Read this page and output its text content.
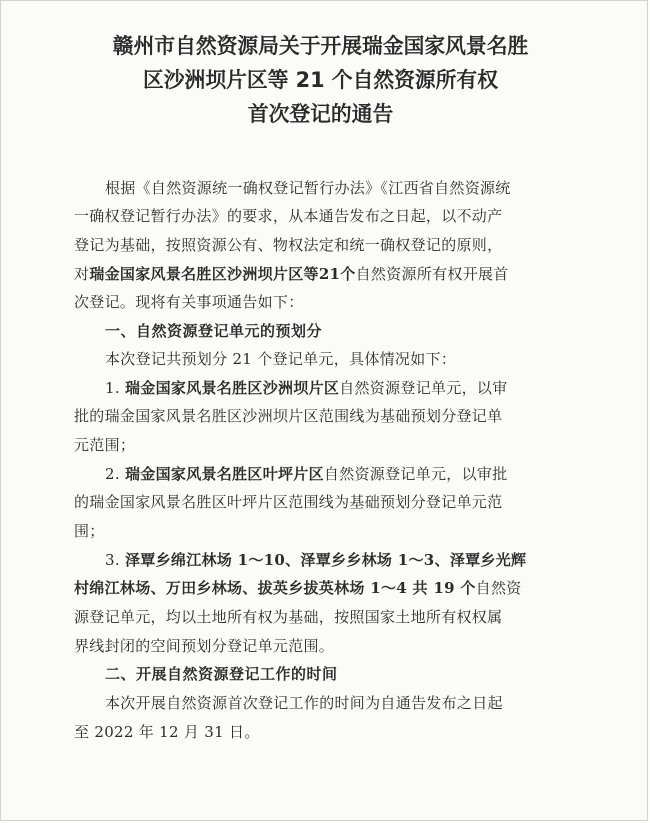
赣州市自然资源局关于开展瑞金国家风景名胜
区沙洲坝片区等 21 个自然资源所有权
首次登记的通告
根据《自然资源统一确权登记暂行办法》《江西省自然资源统
一确权登记暂行办法》的要求，从本通告发布之日起，以不动产
登记为基础，按照资源公有、物权法定和统一确权登记的原则，
对瑞金国家风景名胜区沙洲坝片区等21个自然资源所有权开展首
次登记。现将有关事项通告如下：
一、自然资源登记单元的预划分
本次登记共预划分 21 个登记单元，具体情况如下：
1. 瑞金国家风景名胜区沙洲坝片区自然资源登记单元，以审
批的瑞金国家风景名胜区沙洲坝片区范围线为基础预划分登记单
元范围；
2. 瑞金国家风景名胜区叶坪片区自然资源登记单元，以审批
的瑞金国家风景名胜区叶坪片区范围线为基础预划分登记单元范
围；
3. 泽覃乡绵江林场 1～10、泽覃乡乡林场 1～3、泽覃乡光辉
村绵江林场、万田乡林场、拔英乡拔英林场 1～4 共 19 个自然资
源登记单元，均以土地所有权为基础，按照国家土地所有权权属
界线封闭的空间预划分登记单元范围。
二、开展自然资源登记工作的时间
本次开展自然资源首次登记工作的时间为自通告发布之日起
至 2022 年 12 月 31 日。
